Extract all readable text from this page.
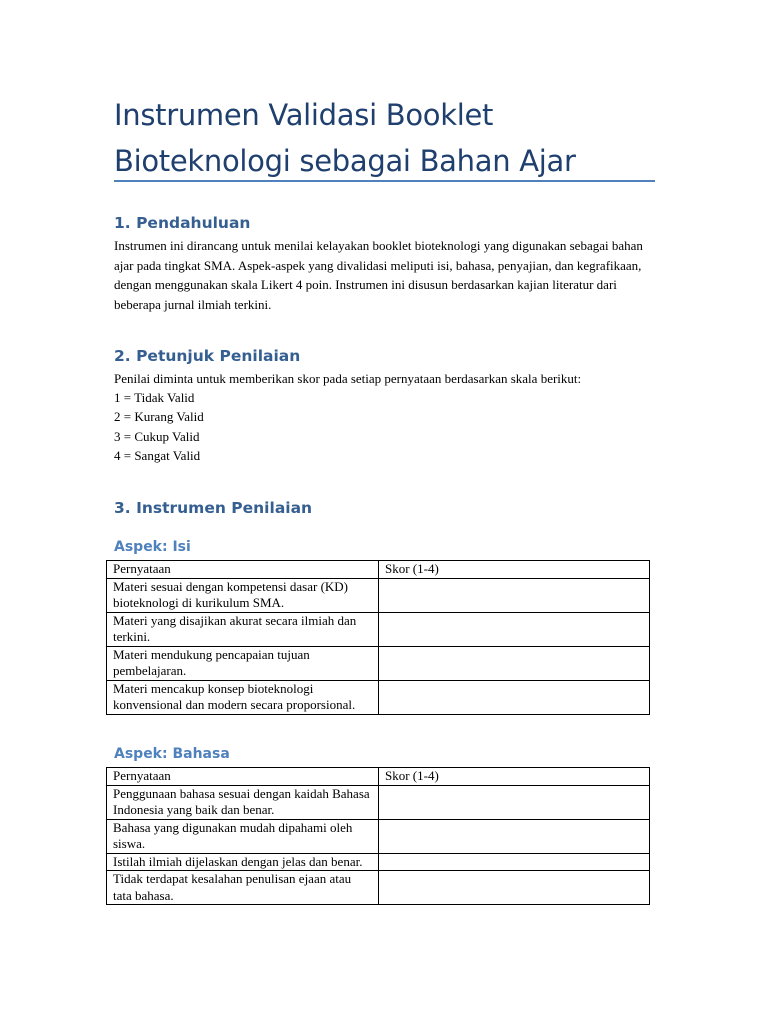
Instrumen Validasi Booklet Bioteknologi sebagai Bahan Ajar
1. Pendahuluan

Instrumen ini dirancang untuk menilai kelayakan booklet bioteknologi yang digunakan sebagai bahan ajar pada tingkat SMA. Aspek-aspek yang divalidasi meliputi isi, bahasa, penyajian, dan kegrafikaan, dengan menggunakan skala Likert 4 poin. Instrumen ini disusun berdasarkan kajian literatur dari beberapa jurnal ilmiah terkini.

2. Petunjuk Penilaian

Penilai diminta untuk memberikan skor pada setiap pernyataan berdasarkan skala berikut:

1 = Tidak Valid
2 = Kurang Valid
3 = Cukup Valid
4 = Sangat Valid
3. Instrumen Penilaian
Aspek: Isi
Pernyataan	Skor (1-4)
Materi sesuai dengan kompetensi dasar (KD) bioteknologi di kurikulum SMA.	
Materi yang disajikan akurat secara ilmiah dan terkini.	
Materi mendukung pencapaian tujuan pembelajaran.	
Materi mencakup konsep bioteknologi konvensional dan modern secara proporsional.	
Aspek: Bahasa
Pernyataan	Skor (1-4)
Penggunaan bahasa sesuai dengan kaidah Bahasa Indonesia yang baik dan benar.	
Bahasa yang digunakan mudah dipahami oleh siswa.	
Istilah ilmiah dijelaskan dengan jelas dan benar.	
Tidak terdapat kesalahan penulisan ejaan atau tata bahasa.	
